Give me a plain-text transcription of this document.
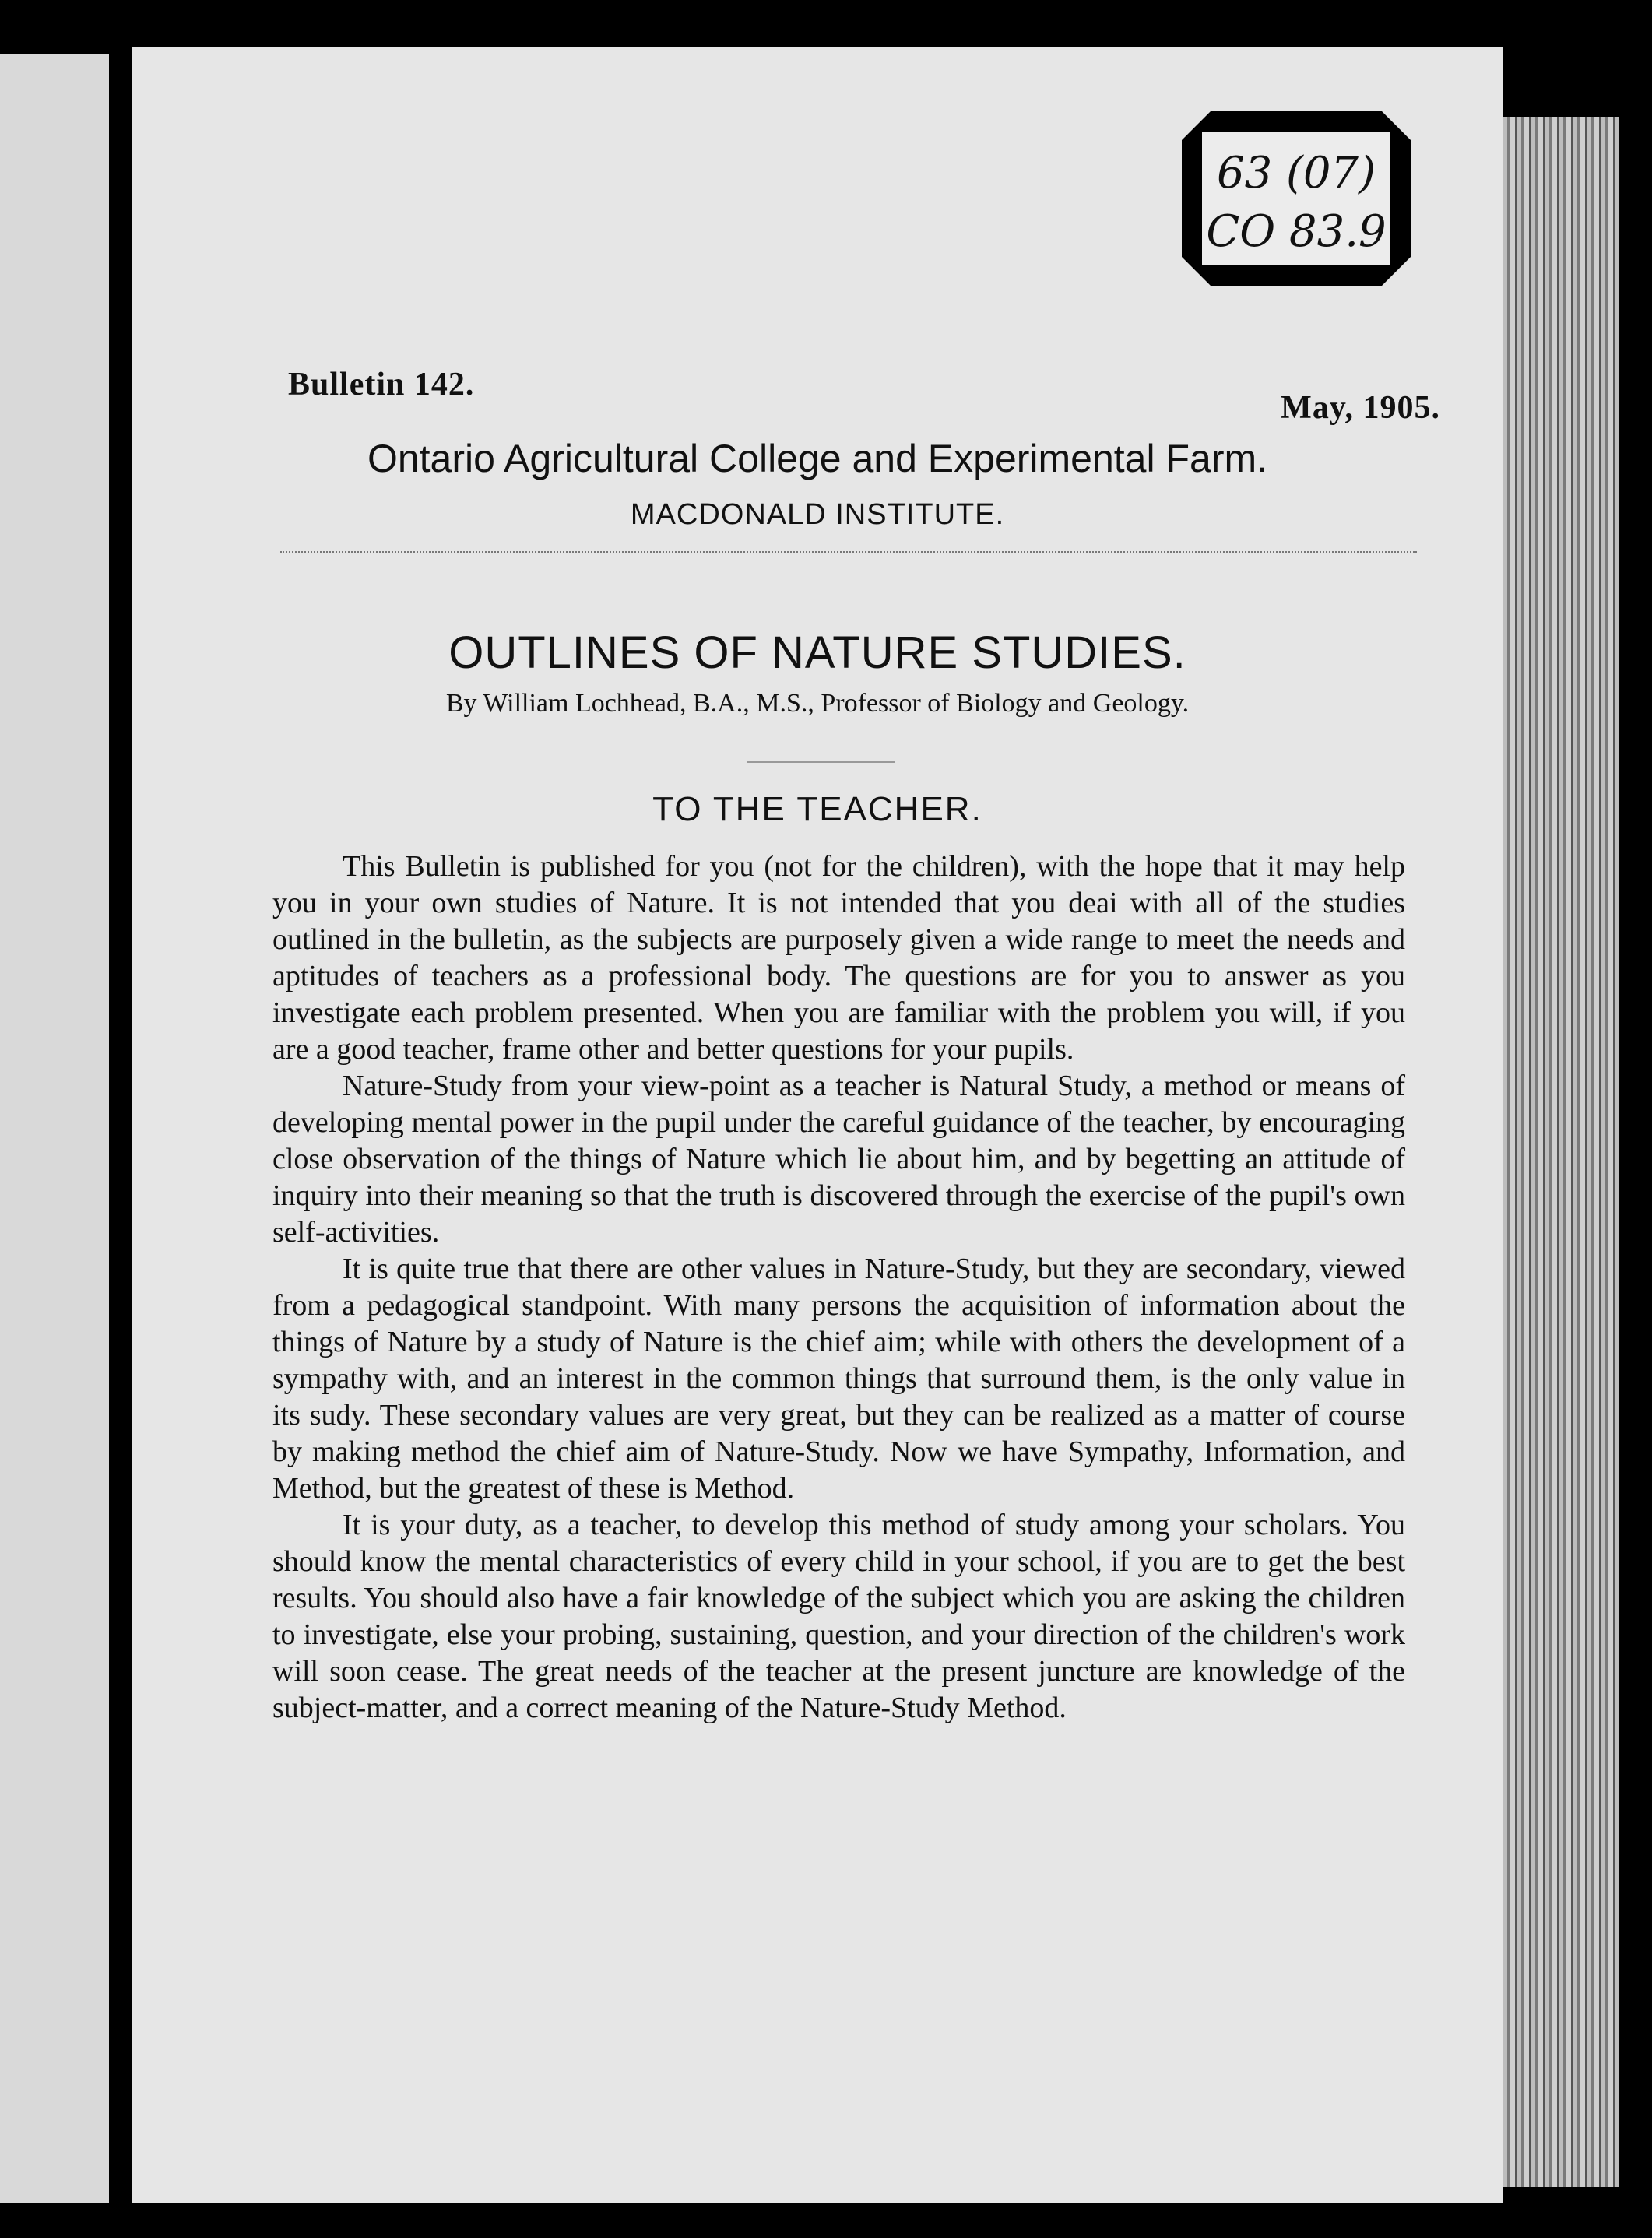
63 (07)
CO 83.9
Bulletin 142.
May, 1905.
Ontario Agricultural College and Experimental Farm.
MACDONALD INSTITUTE.
OUTLINES OF NATURE STUDIES.
By William Lochhead, B.A., M.S., Professor of Biology and Geology.
TO THE TEACHER.

This Bulletin is published for you (not for the children), with the hope that it may help you in your own studies of Nature. It is not intended that you deai with all of the studies outlined in the bulletin, as the subjects are purposely given a wide range to meet the needs and aptitudes of teachers as a professional body. The questions are for you to answer as you investigate each problem presented. When you are familiar with the problem you will, if you are a good teacher, frame other and better questions for your pupils.

Nature-Study from your view-point as a teacher is Natural Study, a method or means of developing mental power in the pupil under the careful guidance of the teacher, by encouraging close observation of the things of Nature which lie about him, and by begetting an attitude of inquiry into their meaning so that the truth is discovered through the exercise of the pupil's own self-activities.

It is quite true that there are other values in Nature-Study, but they are secondary, viewed from a pedagogical standpoint. With many persons the acquisition of information about the things of Nature by a study of Nature is the chief aim; while with others the development of a sympathy with, and an interest in the common things that surround them, is the only value in its sudy. These secondary values are very great, but they can be realized as a matter of course by making method the chief aim of Nature-Study. Now we have Sympathy, Information, and Method, but the greatest of these is Method.

It is your duty, as a teacher, to develop this method of study among your scholars. You should know the mental characteristics of every child in your school, if you are to get the best results. You should also have a fair knowledge of the subject which you are asking the children to investigate, else your probing, sustaining, question, and your direction of the children's work will soon cease. The great needs of the teacher at the present juncture are knowledge of the subject-matter, and a correct meaning of the Nature-Study Method.
